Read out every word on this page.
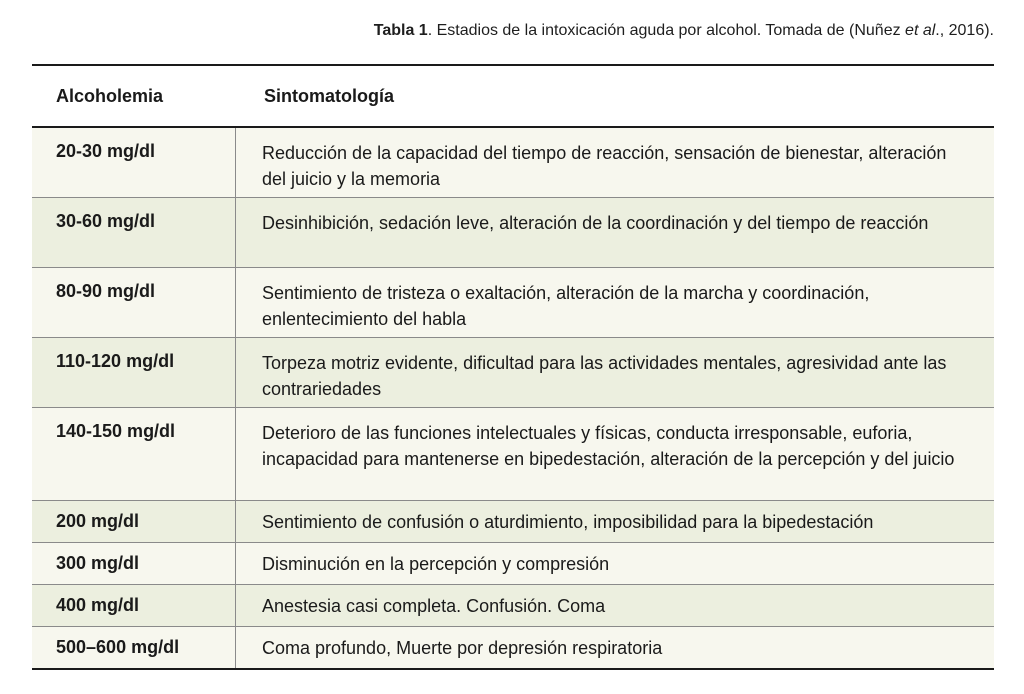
Tabla 1. Estadios de la intoxicación aguda por alcohol. Tomada de (Nuñez et al., 2016).
Alcoholemia	Sintomatología
20-30 mg/dl	Reducción de la capacidad del tiempo de reacción, sensación de bienestar, alteración del juicio y la memoria
30-60 mg/dl	Desinhibición, sedación leve, alteración de la coordinación y del tiempo de reacción
80-90 mg/dl	Sentimiento de tristeza o exaltación, alteración de la marcha y coordinación, enlentecimiento del habla
110-120 mg/dl	Torpeza motriz evidente, dificultad para las actividades mentales, agresividad ante las contrariedades
140-150 mg/dl	Deterioro de las funciones intelectuales y físicas, conducta irresponsable, euforia, incapacidad para mantenerse en bipedestación, alteración de la percepción y del juicio
200 mg/dl	Sentimiento de confusión o aturdimiento, imposibilidad para la bipedestación
300 mg/dl	Disminución en la percepción y compresión
400 mg/dl	Anestesia casi completa. Confusión. Coma
500–600 mg/dl	Coma profundo, Muerte por depresión respiratoria
